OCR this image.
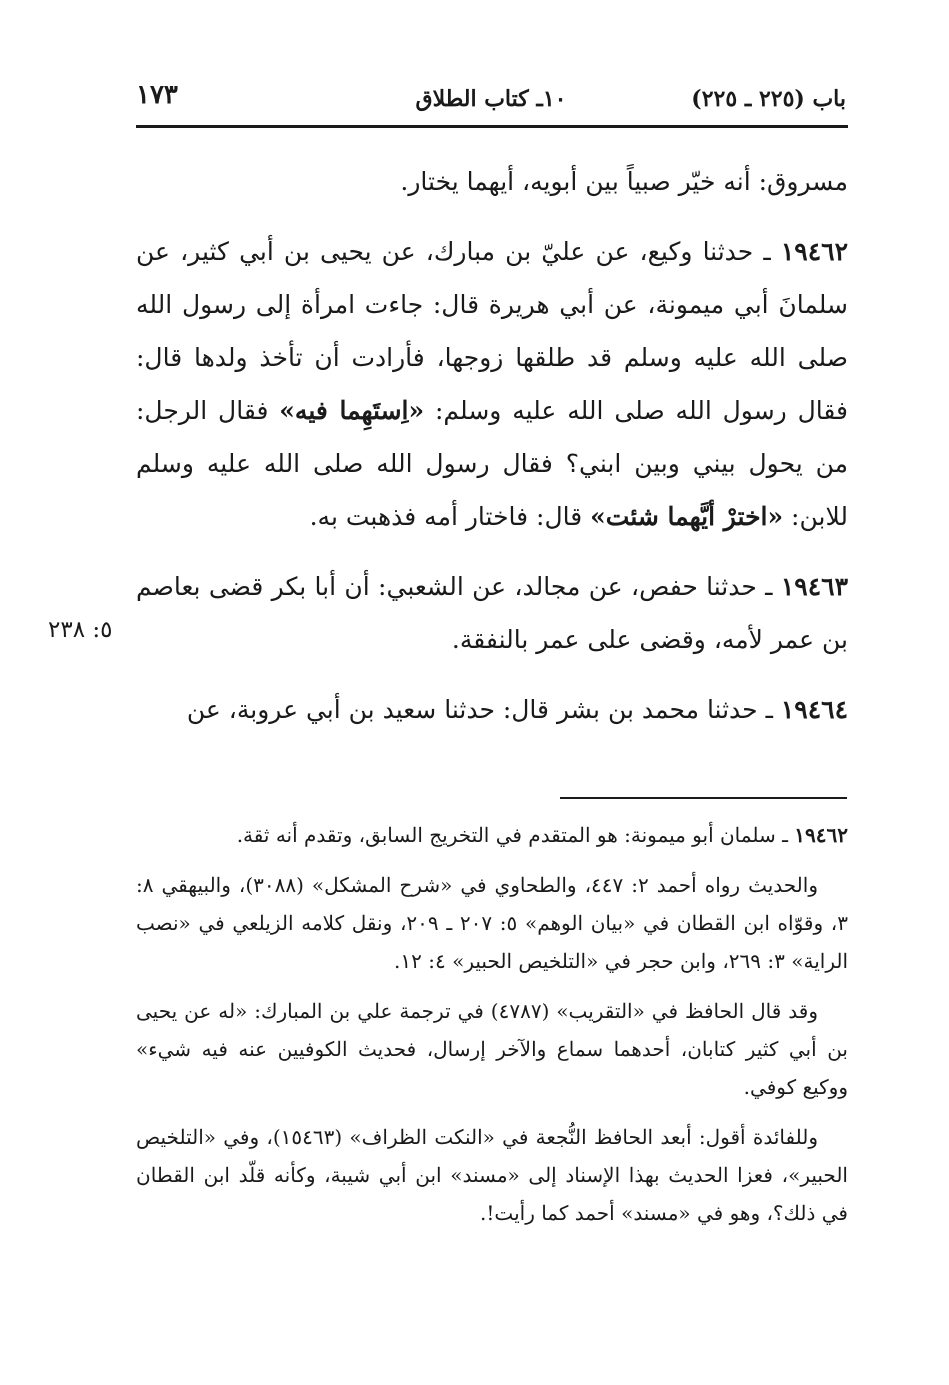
باب (٢٢٥ ـ ٢٢٥)
١٠ـ كتاب الطلاق
١٧٣

مسروق: أنه خيّر صبياً بين أبويه، أيهما يختار.

١٩٤٦٢ ـ حدثنا وكيع، عن عليّ بن مبارك، عن يحيى بن أبي كثير، عن سلمانَ أبي ميمونة، عن أبي هريرة قال: جاءت امرأة إلى رسول الله صلى الله عليه وسلم قد طلقها زوجها، فأرادت أن تأخذ ولدها قال: فقال رسول الله صلى الله عليه وسلم: «اِستَهِما فيه» فقال الرجل: من يحول بيني وبين ابني؟ فقال رسول الله صلى الله عليه وسلم للابن: «اخترْ أيَّهما شئت» قال: فاختار أمه فذهبت به.

١٩٤٦٣ ـ حدثنا حفص، عن مجالد، عن الشعبي: أن أبا بكر قضى بعاصم بن عمر لأمه، وقضى على عمر بالنفقة.

١٩٤٦٤ ـ حدثنا محمد بن بشر قال: حدثنا سعيد بن أبي عروبة، عن

٥: ٢٣٨

١٩٤٦٢ ـ سلمان أبو ميمونة: هو المتقدم في التخريج السابق، وتقدم أنه ثقة.

والحديث رواه أحمد ٢: ٤٤٧، والطحاوي في «شرح المشكل» (٣٠٨٨)، والبيهقي ٨: ٣، وقوّاه ابن القطان في «بيان الوهم» ٥: ٢٠٧ ـ ٢٠٩، ونقل كلامه الزيلعي في «نصب الراية» ٣: ٢٦٩، وابن حجر في «التلخيص الحبير» ٤: ١٢.

وقد قال الحافظ في «التقريب» (٤٧٨٧) في ترجمة علي بن المبارك: «له عن يحيى بن أبي كثير كتابان، أحدهما سماع والآخر إرسال، فحديث الكوفيين عنه فيه شيء» ووكيع كوفي.

وللفائدة أقول: أبعد الحافظ النُّجعة في «النكت الظراف» (١٥٤٦٣)، وفي «التلخيص الحبير»، فعزا الحديث بهذا الإسناد إلى «مسند» ابن أبي شيبة، وكأنه قلّد ابن القطان في ذلك؟، وهو في «مسند» أحمد كما رأيت!.
